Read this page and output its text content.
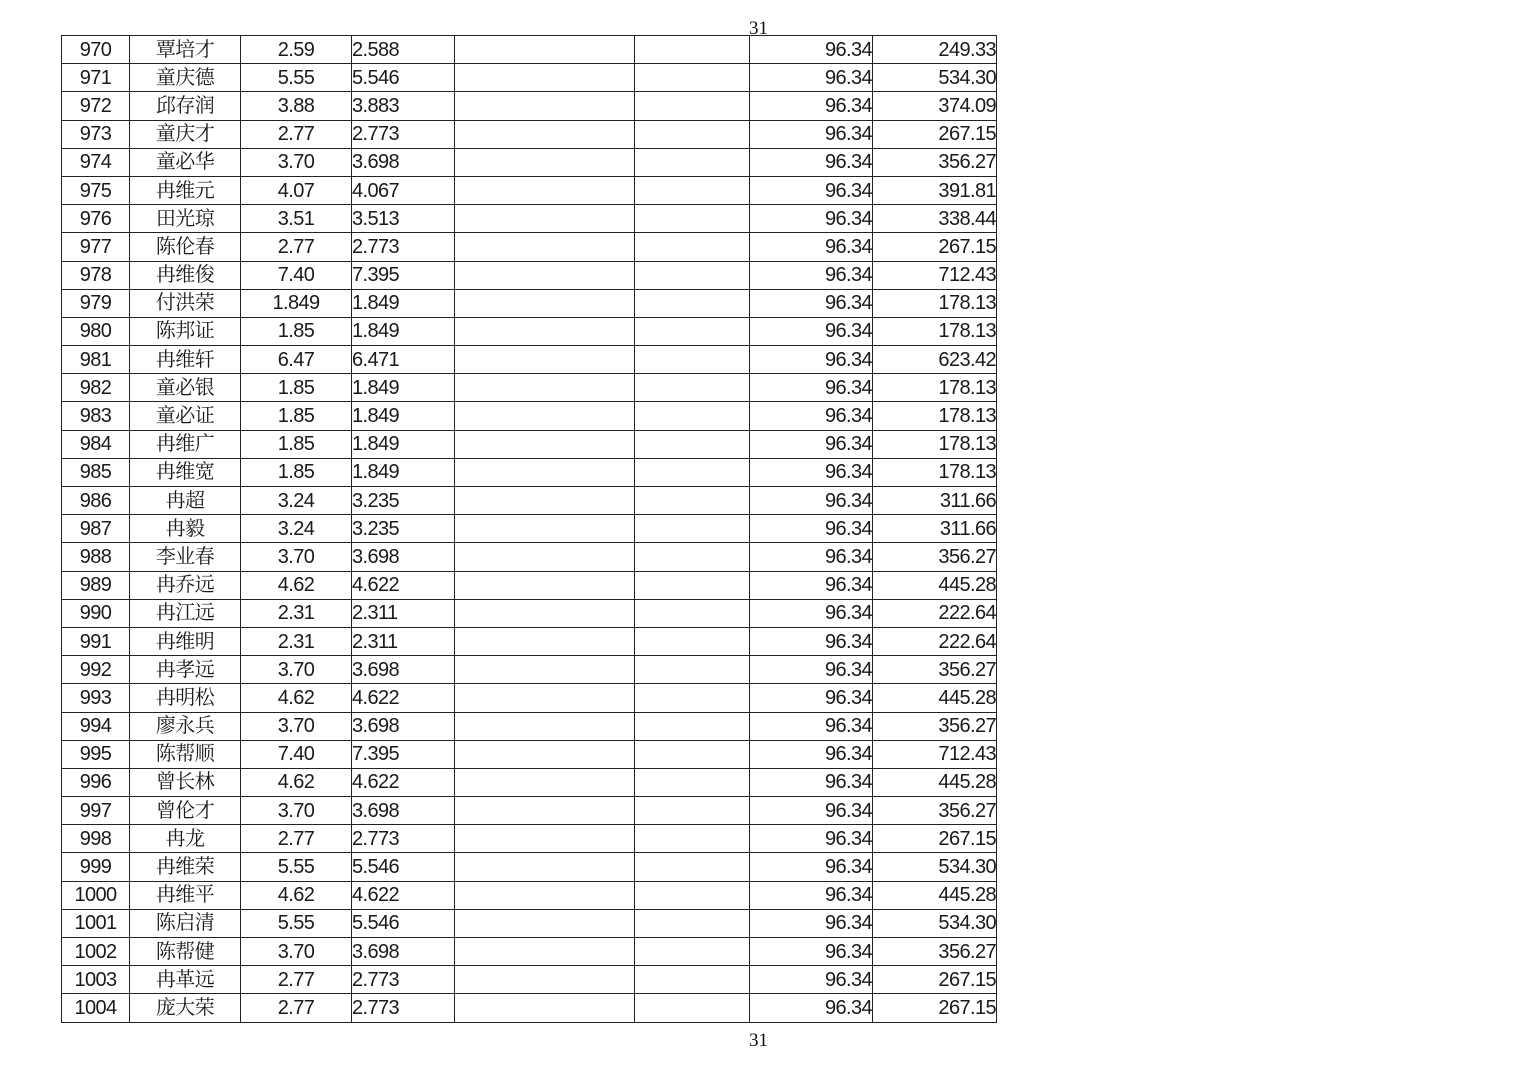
31
970	覃培才	2.59	2.588			96.34	249.33
971	童庆德	5.55	5.546			96.34	534.30
972	邱存润	3.88	3.883			96.34	374.09
973	童庆才	2.77	2.773			96.34	267.15
974	童必华	3.70	3.698			96.34	356.27
975	冉维元	4.07	4.067			96.34	391.81
976	田光琼	3.51	3.513			96.34	338.44
977	陈伦春	2.77	2.773			96.34	267.15
978	冉维俊	7.40	7.395			96.34	712.43
979	付洪荣	1.849	1.849			96.34	178.13
980	陈邦证	1.85	1.849			96.34	178.13
981	冉维轩	6.47	6.471			96.34	623.42
982	童必银	1.85	1.849			96.34	178.13
983	童必证	1.85	1.849			96.34	178.13
984	冉维广	1.85	1.849			96.34	178.13
985	冉维宽	1.85	1.849			96.34	178.13
986	冉超	3.24	3.235			96.34	311.66
987	冉毅	3.24	3.235			96.34	311.66
988	李业春	3.70	3.698			96.34	356.27
989	冉乔远	4.62	4.622			96.34	445.28
990	冉江远	2.31	2.311			96.34	222.64
991	冉维明	2.31	2.311			96.34	222.64
992	冉孝远	3.70	3.698			96.34	356.27
993	冉明松	4.62	4.622			96.34	445.28
994	廖永兵	3.70	3.698			96.34	356.27
995	陈帮顺	7.40	7.395			96.34	712.43
996	曾长林	4.62	4.622			96.34	445.28
997	曾伦才	3.70	3.698			96.34	356.27
998	冉龙	2.77	2.773			96.34	267.15
999	冉维荣	5.55	5.546			96.34	534.30
1000	冉维平	4.62	4.622			96.34	445.28
1001	陈启清	5.55	5.546			96.34	534.30
1002	陈帮健	3.70	3.698			96.34	356.27
1003	冉革远	2.77	2.773			96.34	267.15
1004	庞大荣	2.77	2.773			96.34	267.15
31
